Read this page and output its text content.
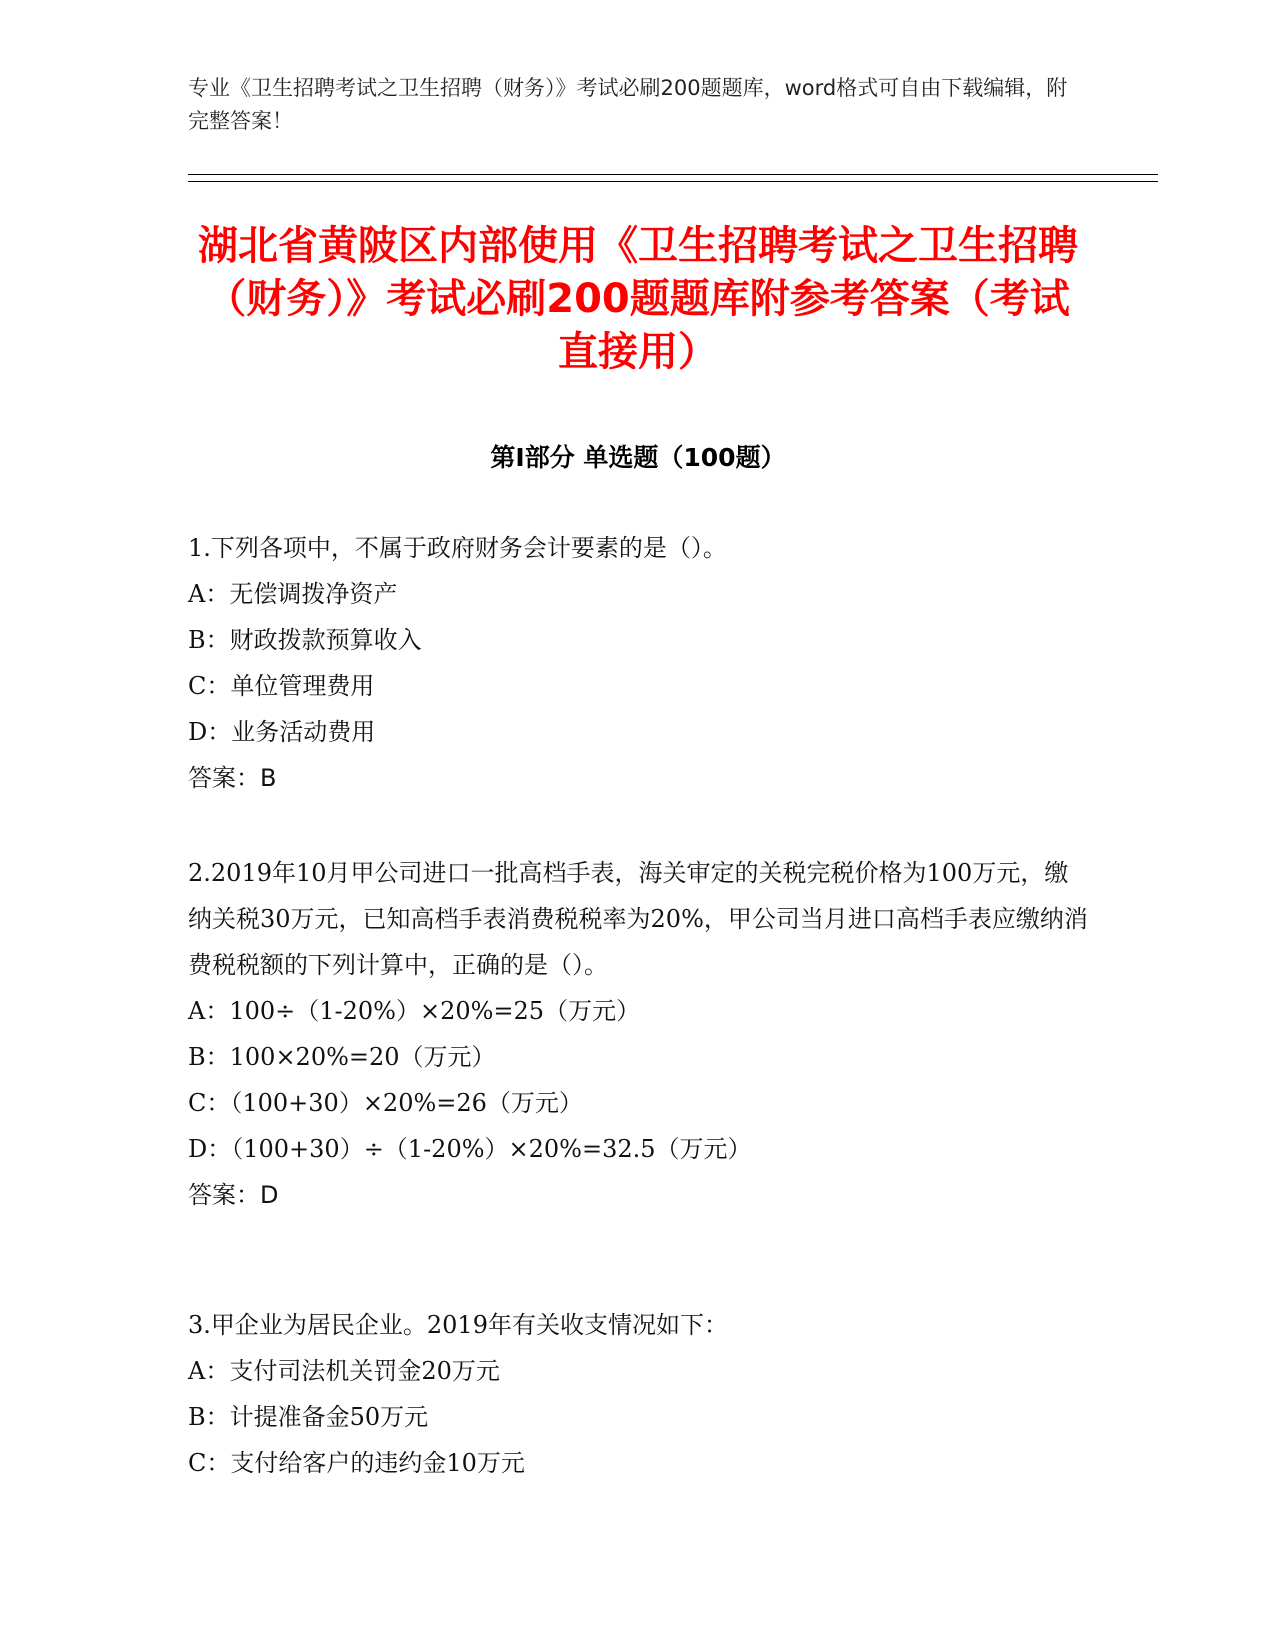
专业《卫生招聘考试之卫生招聘（财务）》考试必刷200题题库，word格式可自由下载编辑，附完整答案！
湖北省黄陂区内部使用《卫生招聘考试之卫生招聘（财务）》考试必刷200题题库附参考答案（考试直接用）
第Ⅰ部分 单选题（100题）

1.下列各项中，不属于政府财务会计要素的是（）。

A：无偿调拨净资产

B：财政拨款预算收入

C：单位管理费用

D：业务活动费用

答案：B

2.2019年10月甲公司进口一批高档手表，海关审定的关税完税价格为100万元，缴纳关税30万元，已知高档手表消费税税率为20%，甲公司当月进口高档手表应缴纳消费税税额的下列计算中，正确的是（）。

A：100÷（1-20%）×20%=25（万元）

B：100×20%=20（万元）

C：（100+30）×20%=26（万元）

D：（100+30）÷（1-20%）×20%=32.5（万元）

答案：D

3.甲企业为居民企业。2019年有关收支情况如下：

A：支付司法机关罚金20万元

B：计提准备金50万元

C：支付给客户的违约金10万元
